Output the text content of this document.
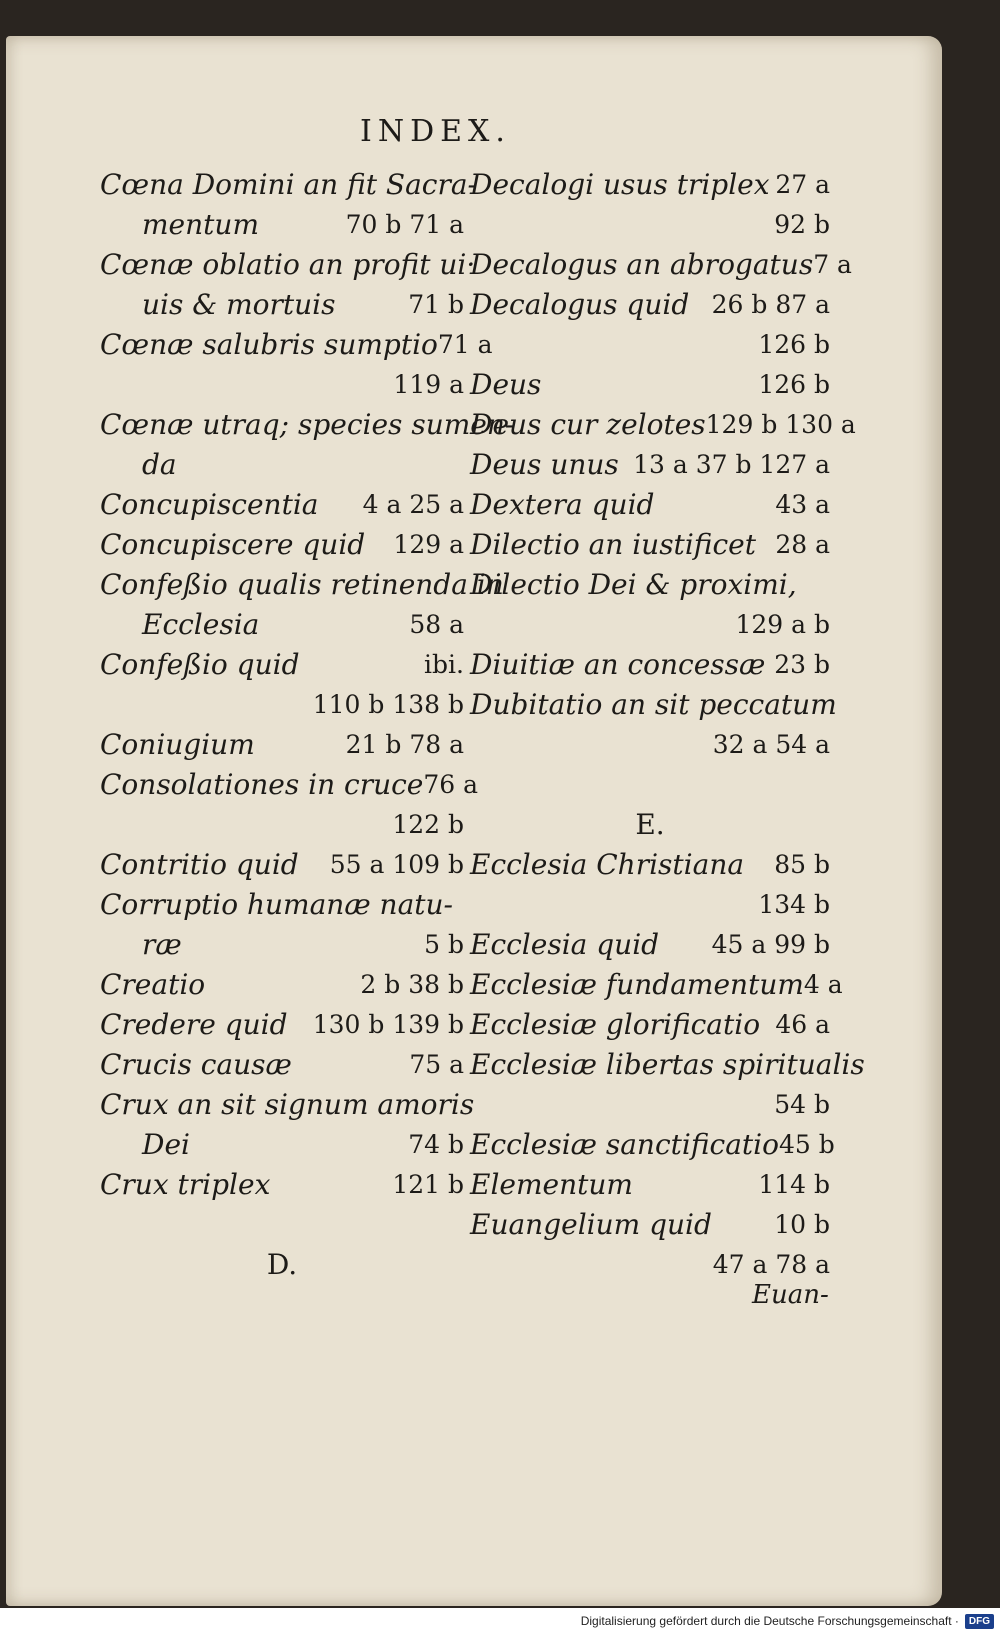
INDEX.
Cœna Domini an fit Sacra-
mentum	70 b 71 a
Cœnæ oblatio an profit ui·
uis & mortuis	71 b
Cœnæ salubris sumptio 71 a
119 a
Cœnæ utraq; species sumen-
da
Concupiscentia 4 a 25 a
Concupiscere quid 129 a
Confeßio qualis retinenda in
Ecclesia	58 a
Confeßio quid	ibi.
110 b 138 b
Coniugium	21 b 78 a
Consolationes in cruce 76 a
122 b
Contritio quid 55 a 109 b
Corruptio humanæ natu-
ræ	5 b
Creatio	2 b 38 b
Credere quid 130 b 139 b
Crucis causæ	75 a
Crux an sit signum amoris
Dei	74 b
Crux triplex	121 b
D.
Decalogi usus triplex 27 a
92 b
Decalogus an abrogatus 7 a
Decalogus quid 26 b 87 a
126 b
Deus	126 b
Deus cur zelotes 129 b 130 a
Deus unus 13 a 37 b 127 a
Dextera quid	43 a
Dilectio an iustificet 28 a
Dilectio Dei & proximi,
129 a b
Diuitiæ an concessæ 23 b
Dubitatio an sit peccatum
32 a 54 a
E.
Ecclesia Christiana 85 b
134 b
Ecclesia quid 45 a 99 b
Ecclesiæ fundamentum 4 a
Ecclesiæ glorificatio 46 a
Ecclesiæ libertas spiritualis
54 b
Ecclesiæ sanctificatio 45 b
Elementum	114 b
Euangelium quid 10 b
47 a 78 a
Euan-
Digitalisierung gefördert durch die Deutsche Forschungsgemeinschaft ·	DFG
